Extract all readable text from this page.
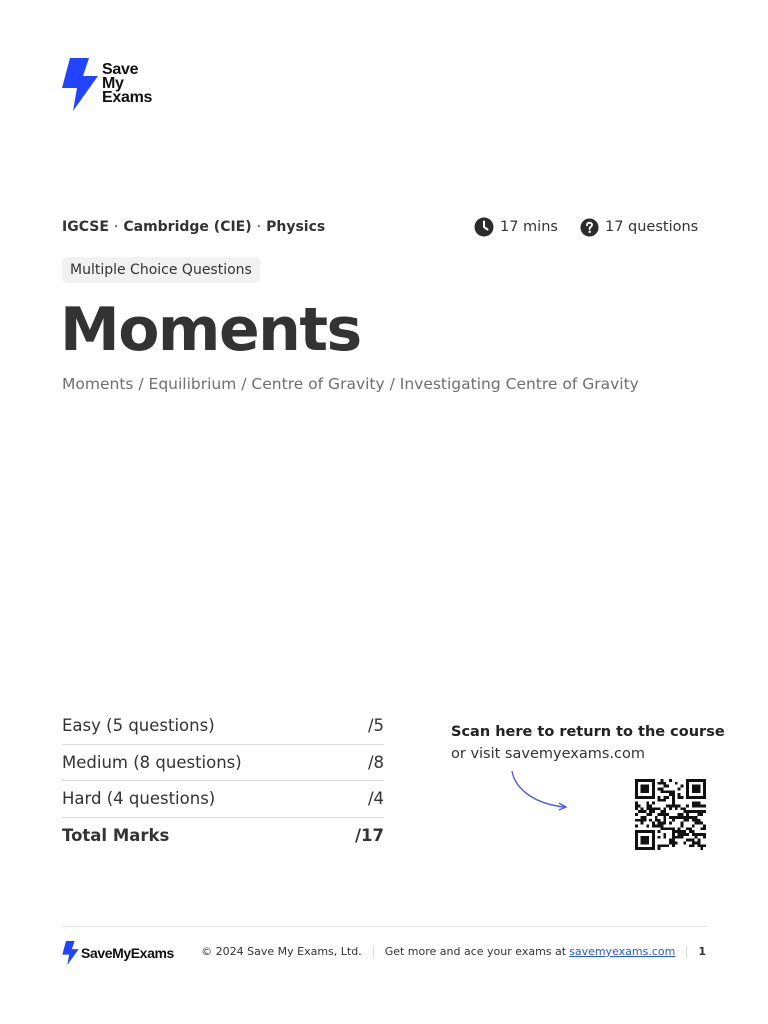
Save
My
Exams
IGCSE · Cambridge (CIE) · Physics	17 mins	17 questions
Multiple Choice Questions
Moments
Moments / Equilibrium / Centre of Gravity / Investigating Centre of Gravity
Easy (5 questions)	/5
Medium (8 questions)	/8
Hard (4 questions)	/4
Total Marks	/17
Scan here to return to the course
or visit savemyexams.com
SaveMyExams © 2024 Save My Exams, Ltd. Get more and ace your exams at savemyexams.com 1
